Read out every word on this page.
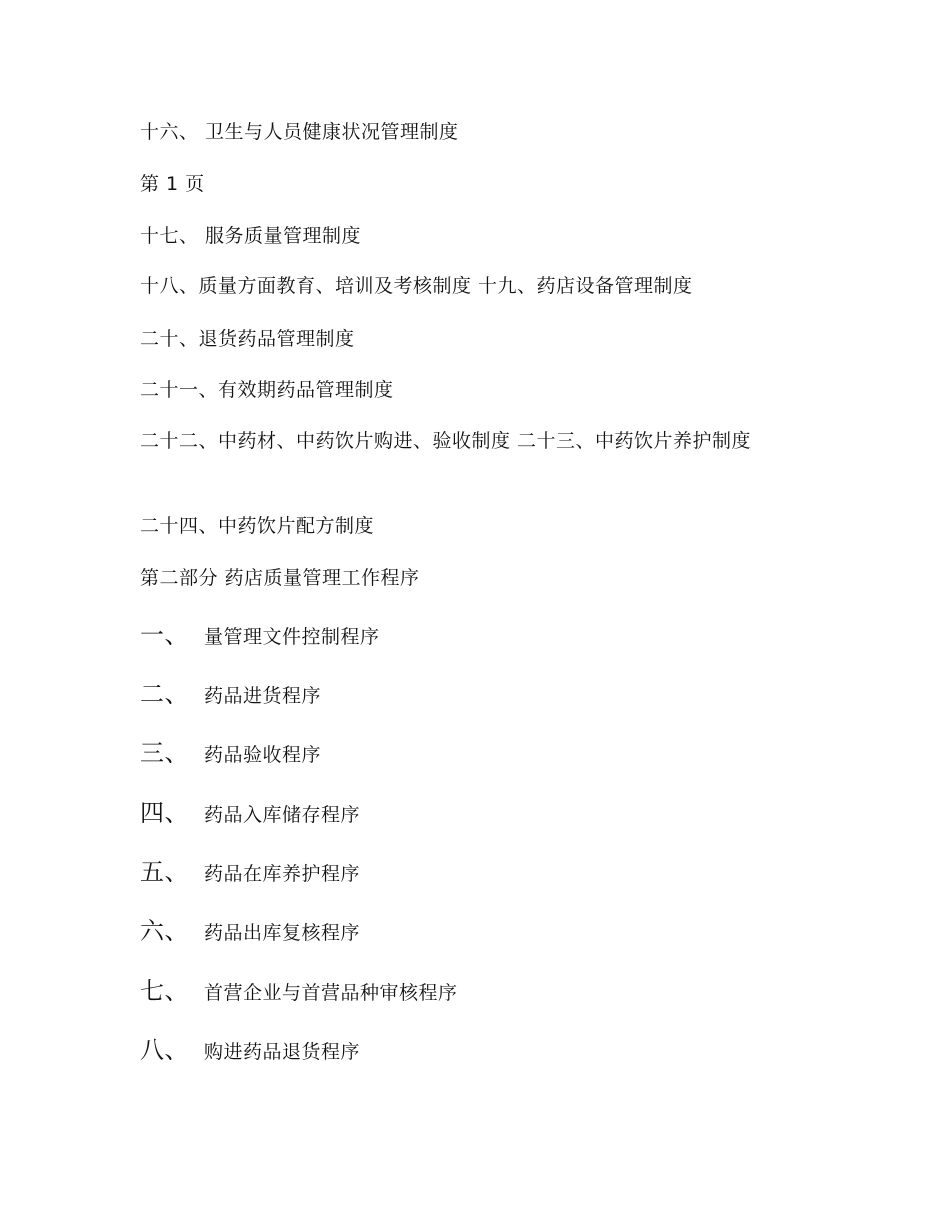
十六、 卫生与人员健康状况管理制度
第 1 页
十七、 服务质量管理制度
十八、质量方面教育、培训及考核制度 十九、药店设备管理制度
二十、退货药品管理制度
二十一、有效期药品管理制度
二十二、中药材、中药饮片购进、验收制度 二十三、中药饮片养护制度
二十四、中药饮片配方制度
第二部分 药店质量管理工作程序
一、 量管理文件控制程序
二、 药品进货程序
三、 药品验收程序
四、 药品入库储存程序
五、 药品在库养护程序
六、 药品出库复核程序
七、 首营企业与首营品种审核程序
八、 购进药品退货程序
